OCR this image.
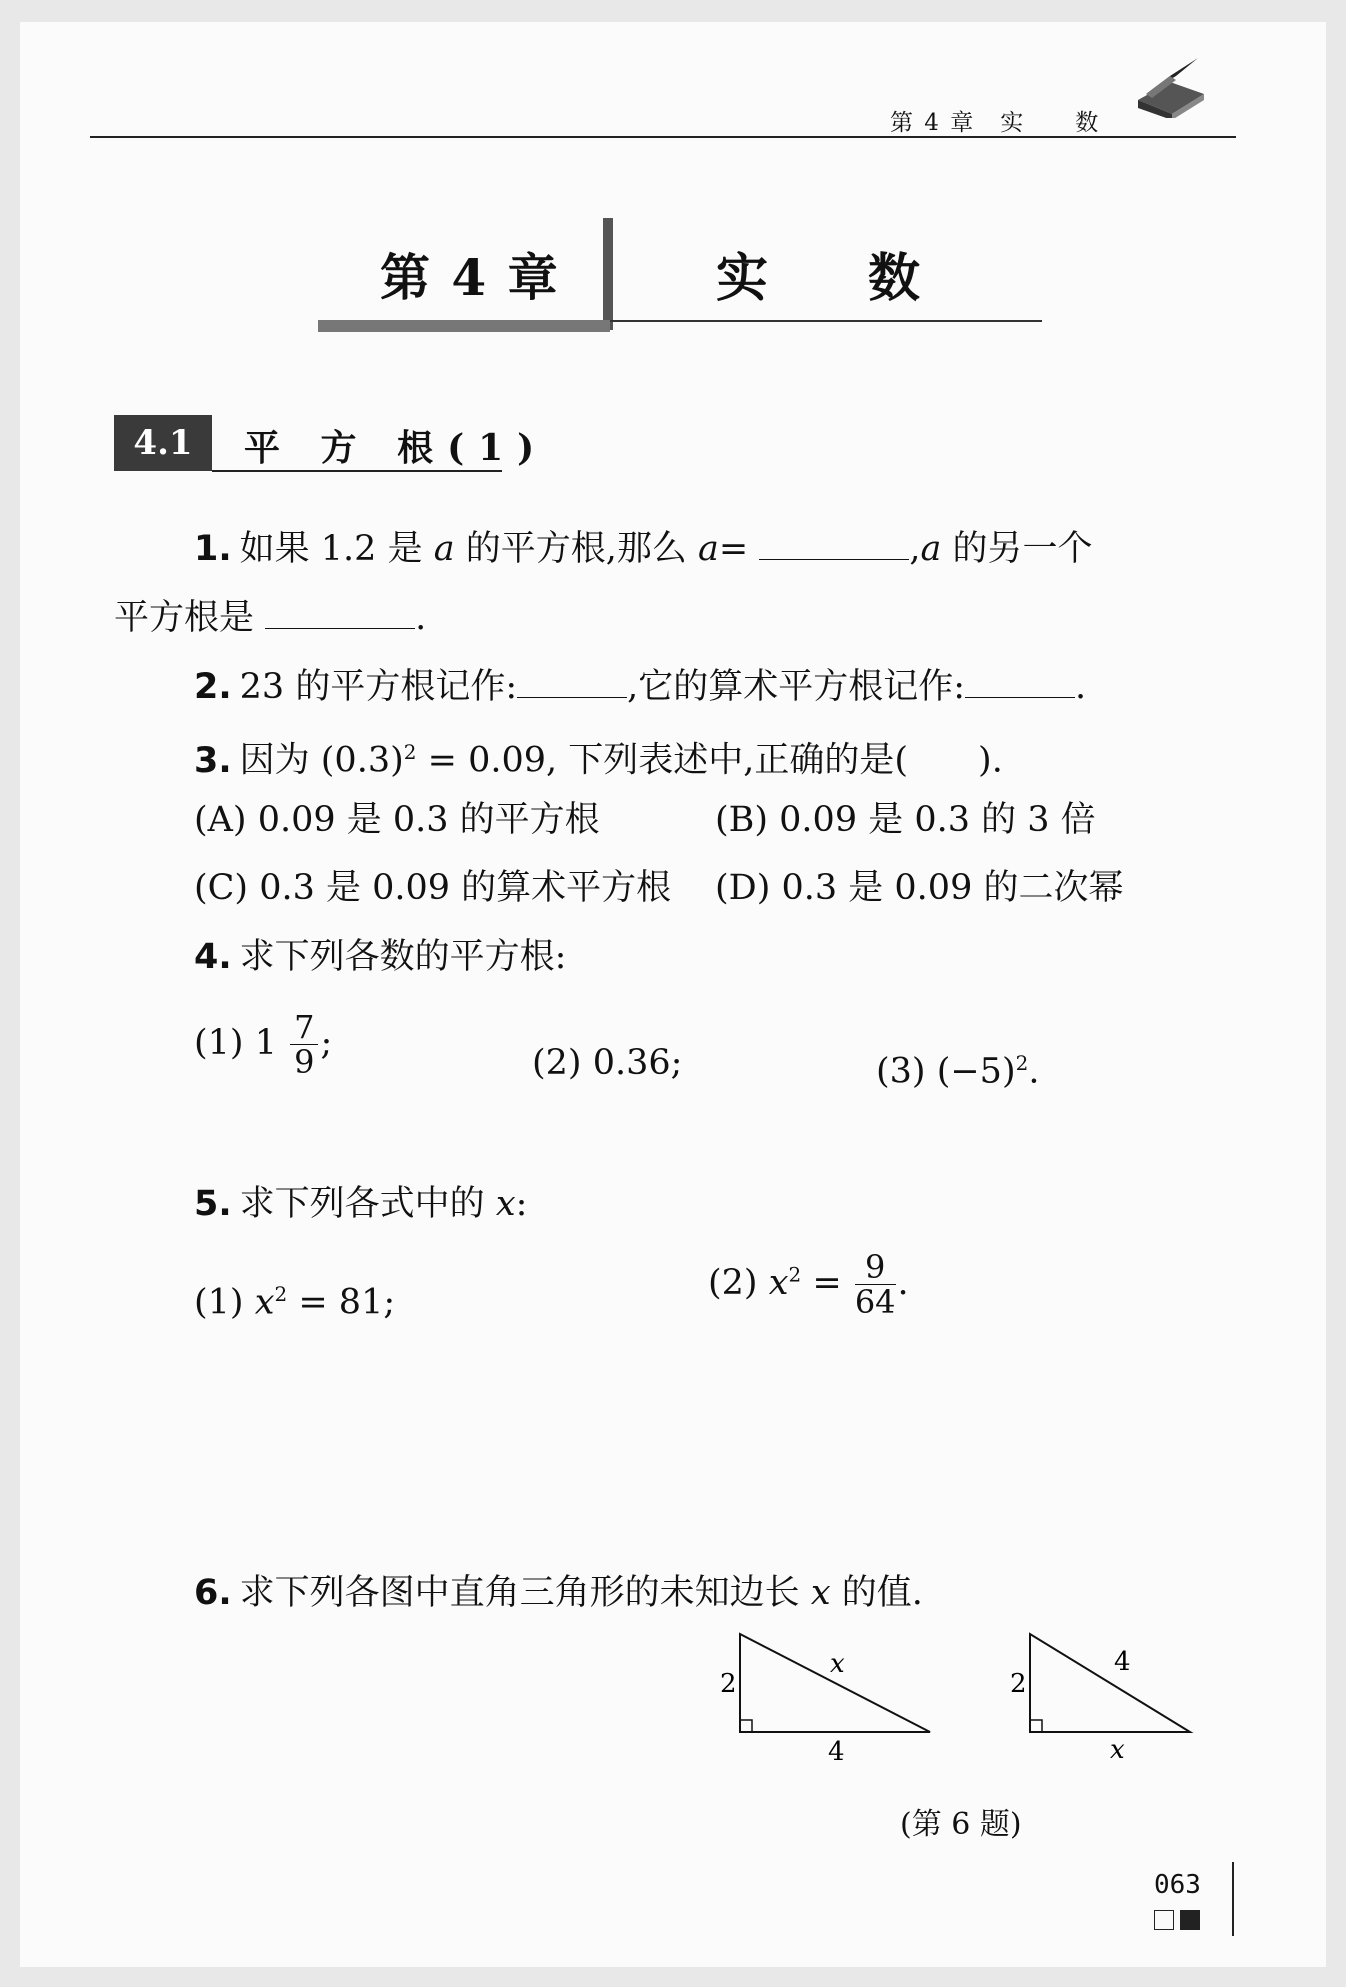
第 4 章　实　　数
第 4 章	实数
4.1	平 方 根(1)
1. 如果 1.2 是 a 的平方根,那么 a=	,a 的另一个
平方根是	.
2. 23 的平方根记作:	,它的算术平方根记作:	.
3. 因为 $(0.3)^2 = 0.09$, 下列表述中,正确的是(　　).
(A) 0.09 是 0.3 的平方根	(B) 0.09 是 0.3 的 3 倍
(C) 0.3 是 0.09 的算术平方根 (D) 0.3 是 0.09 的二次幂
4. 求下列各数的平方根:
(1) $1 \frac{7}{9}$ ;	(2) 0.36;	(3) $(-5)^2$.
5. 求下列各式中的 x:
(1) $x^2 = 81$;	(2) $x^2 = \frac{9}{64}$ .
6. 求下列各图中直角三角形的未知边长 x 的值.
2
x
4
2
4
x
(第 6 题)
063
